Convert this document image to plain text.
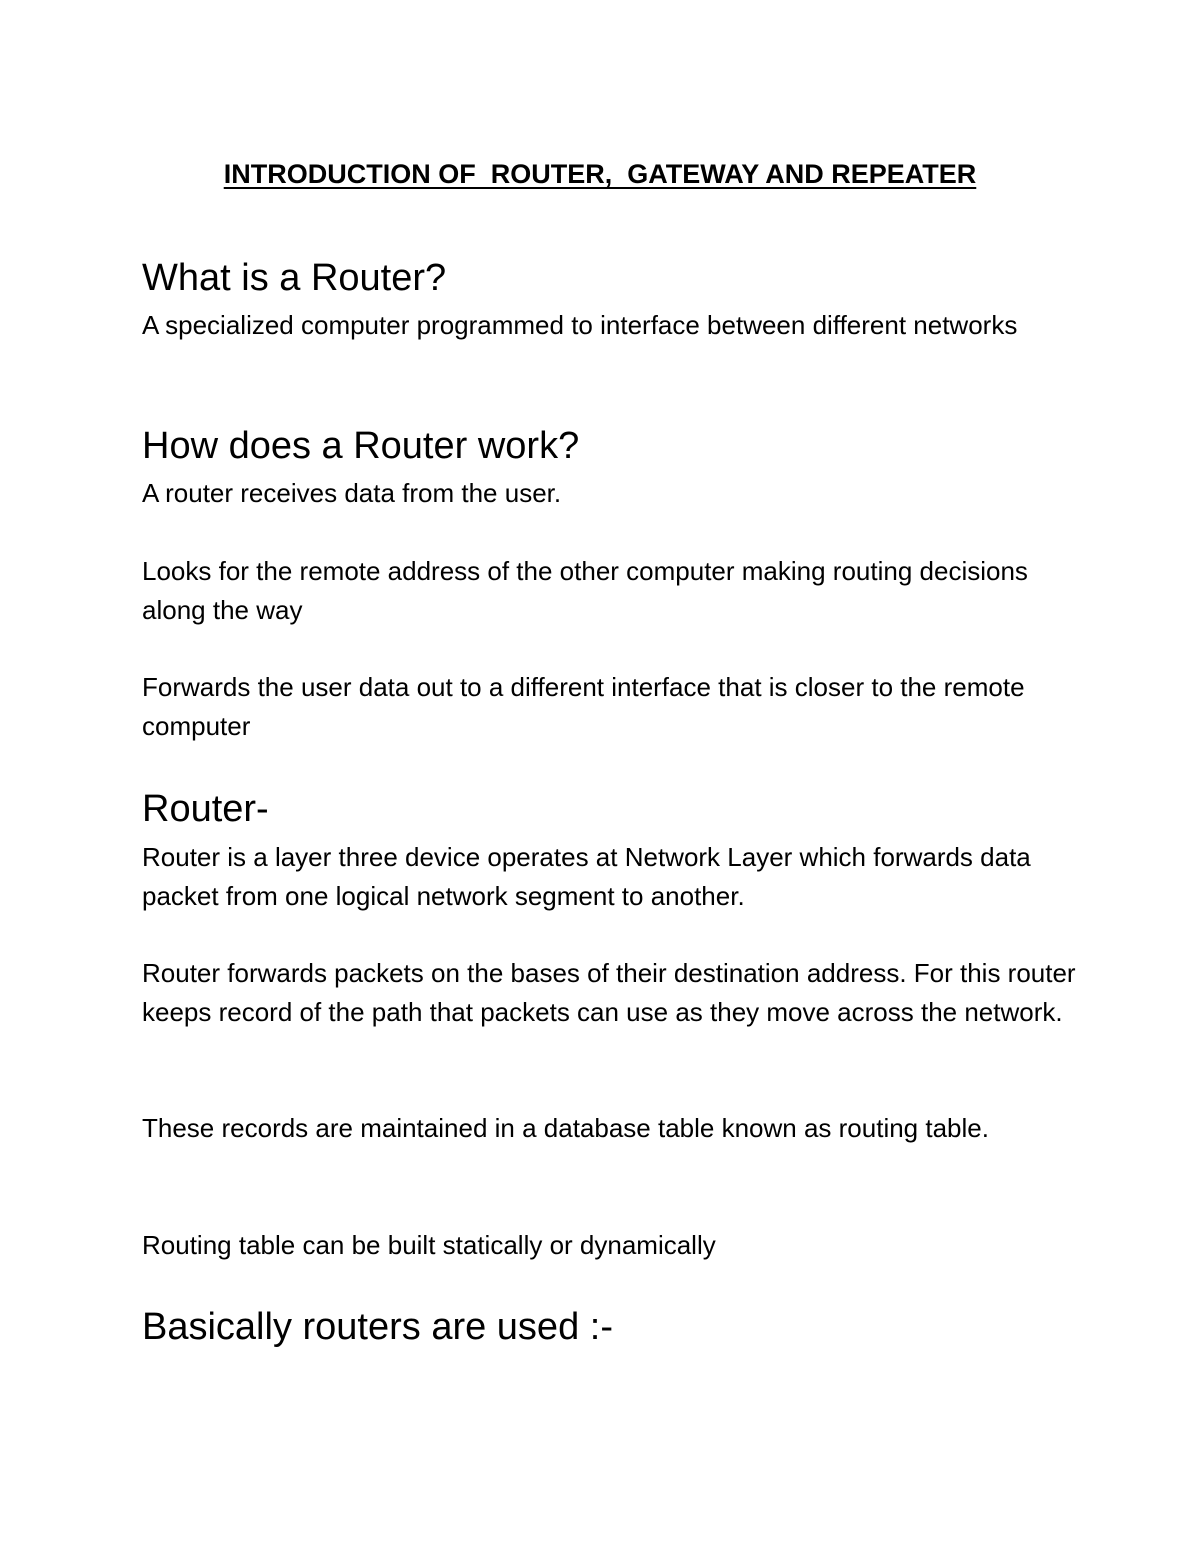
INTRODUCTION OF  ROUTER,  GATEWAY AND REPEATER
What is a Router?
A specialized computer programmed to interface between different networks
How does a Router work?
A router receives data from the user.
Looks for the remote address of the other computer making routing decisions along the way
Forwards the user data out to a different interface that is closer to the remote computer
Router-
Router is a layer three device operates at Network Layer which forwards data packet from one logical network segment to another.
Router forwards packets on the bases of their destination address. For this router keeps record of the path that packets can use as they move across the network.
These records are maintained in a database table known as routing table.
Routing table can be built statically or dynamically
Basically routers are used :-
